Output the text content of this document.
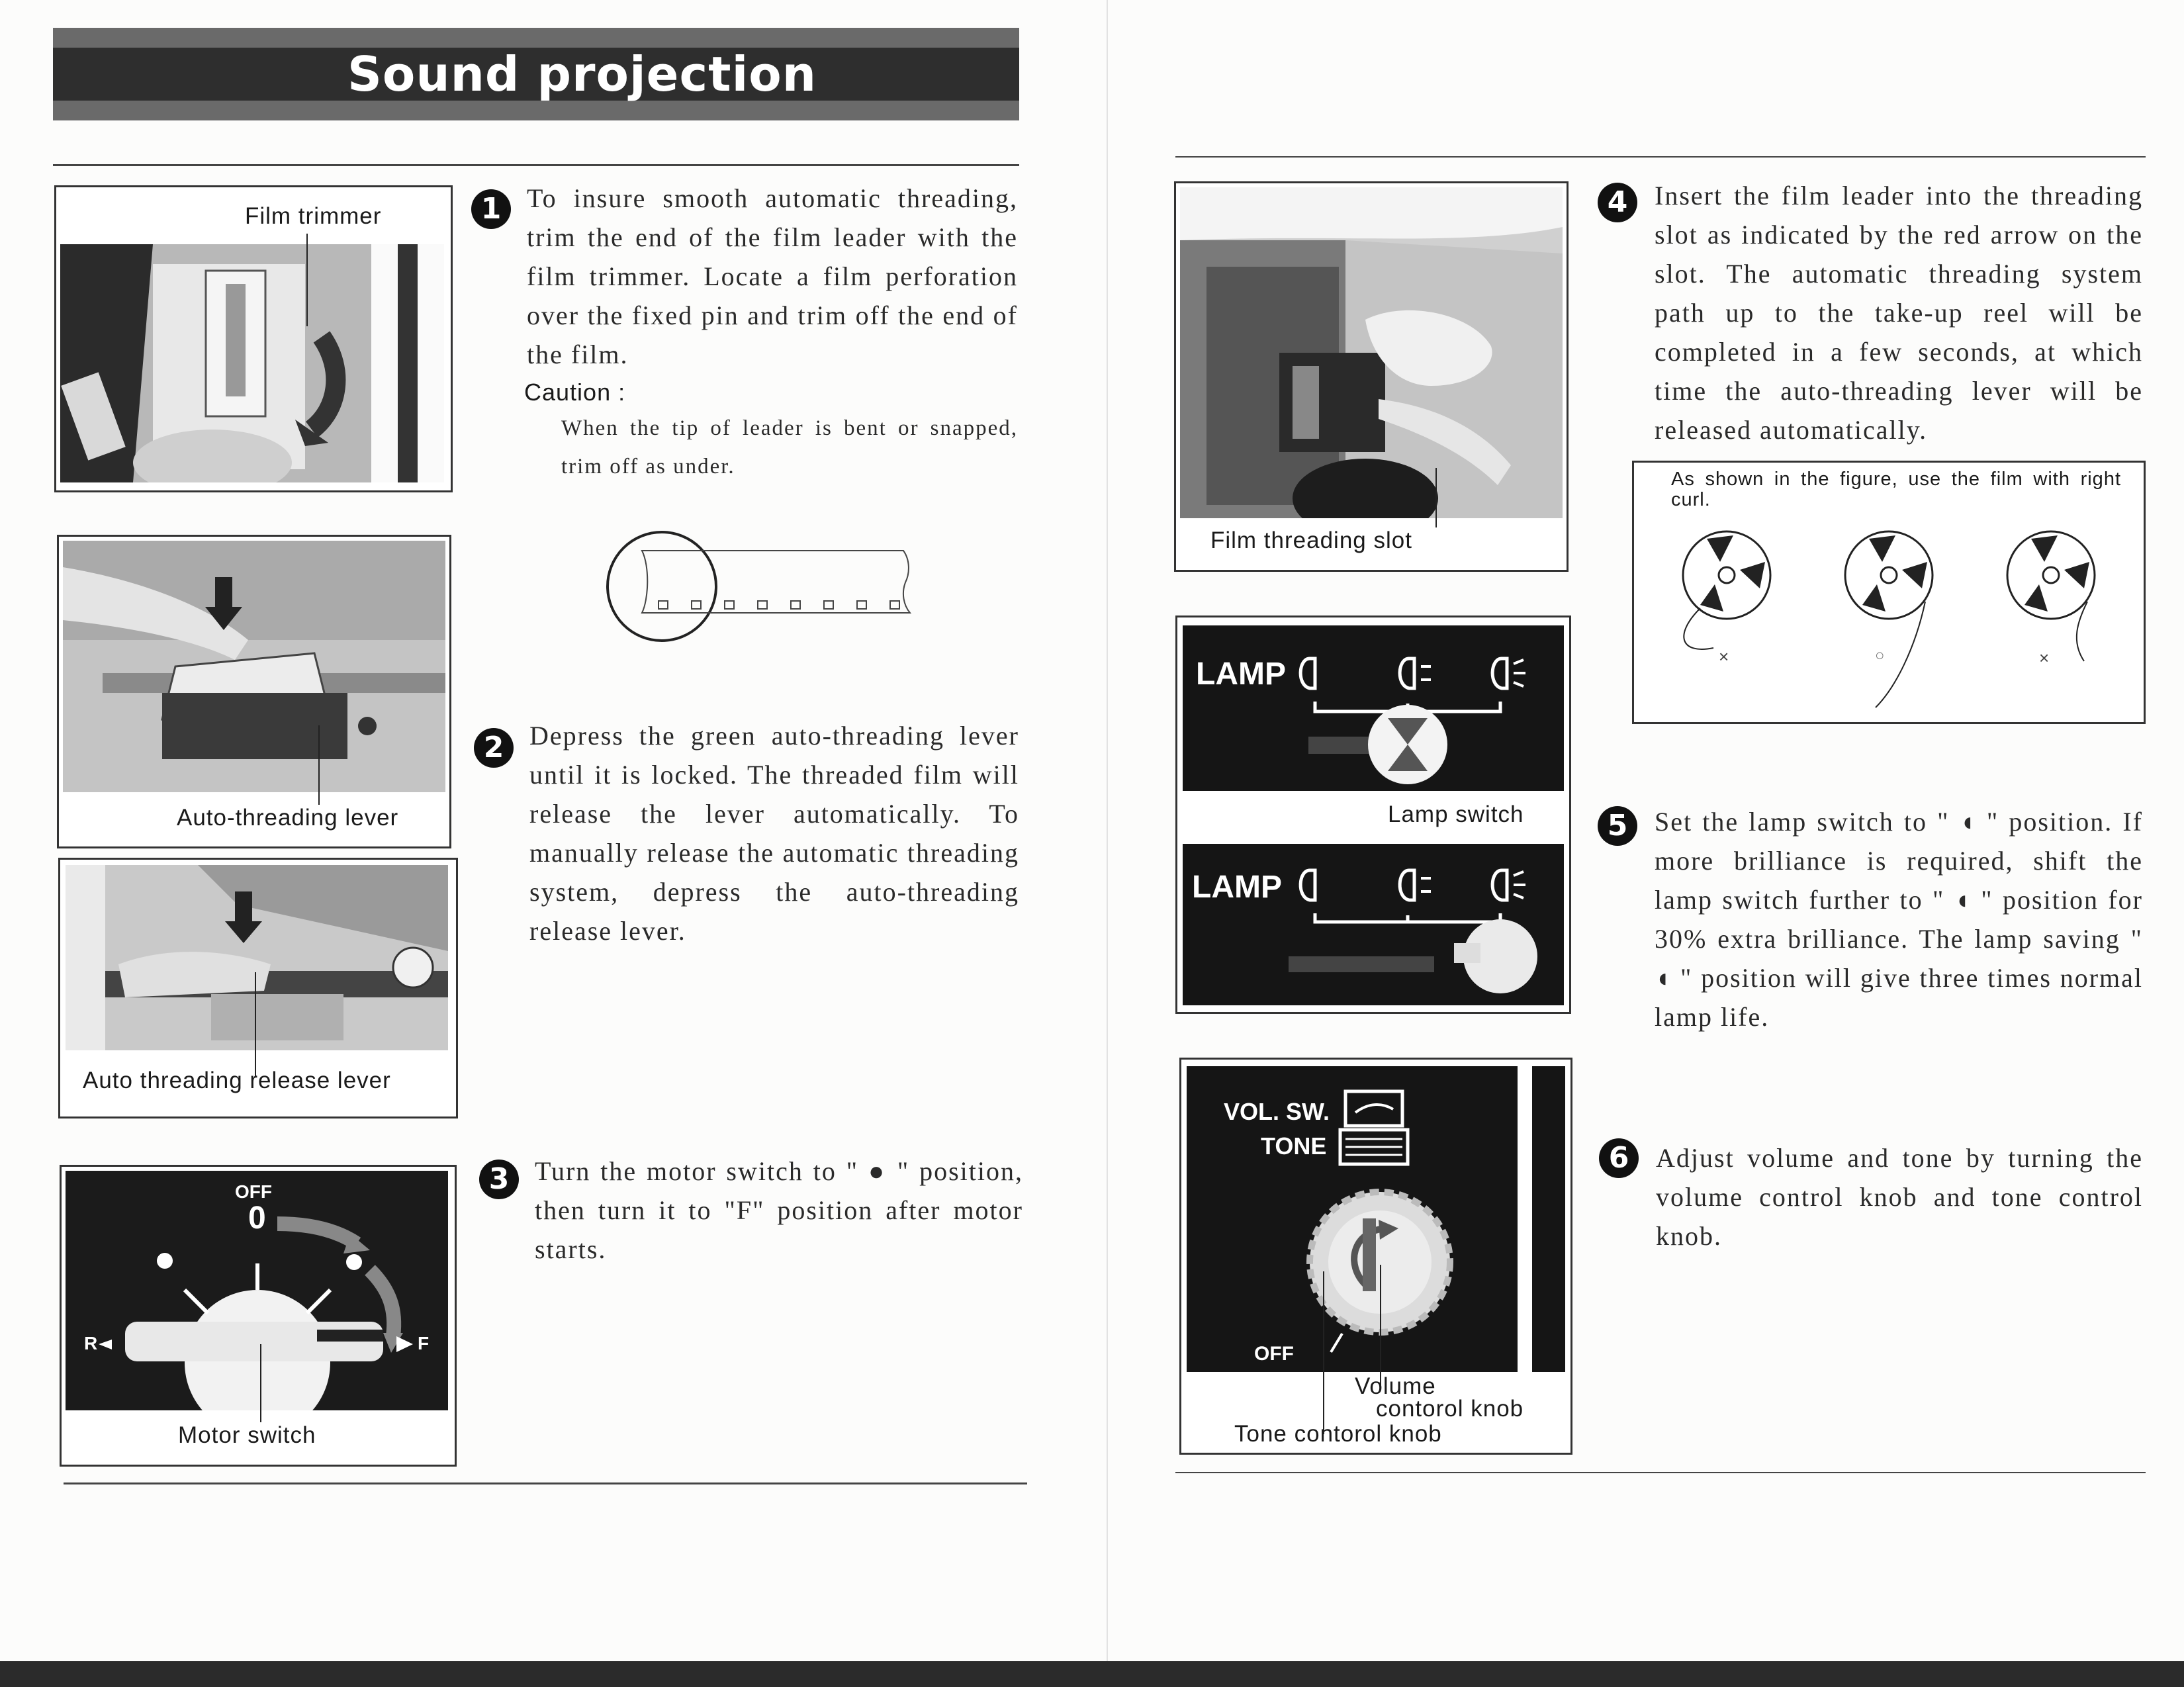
Sound projection
Film trimmer
Auto-threading lever
Auto threading release lever
OFF
0
R	F
Motor switch
1 To insure smooth automatic threading, trim the end of the film leader with the film trimmer. Locate a film perforation over the fixed pin and trim off the end of the film.
Caution :
When the tip of leader is bent or snapped, trim off as under.
2 Depress the green auto-threading lever until it is locked. The threaded film will release the lever automatically. To manually release the automatic threading system, depress the auto-threading release lever.
3 Turn the motor switch to " ● " position, then turn it to "F" position after motor starts.
Film threading slot
4	Insert the film leader into the threading slot as indicated by the red arrow on the slot. The automatic threading system path up to the take-up reel will be completed in a few seconds, at which time the auto-threading lever will be released automatically.
As shown in the figure, use the film with right curl.
×	○	×
LAMP
Lamp switch
LAMP
5	Set the lamp switch to " ◖ " position. If more brilliance is required, shift the lamp switch further to " ◖ " position for 30% extra brilliance. The lamp saving " ◖ " position will give three times normal lamp life.
VOL. SW.
TONE
OFF
Volume
contorol knob
Tone contorol knob
6	Adjust volume and tone by turning the volume control knob and tone control knob.
